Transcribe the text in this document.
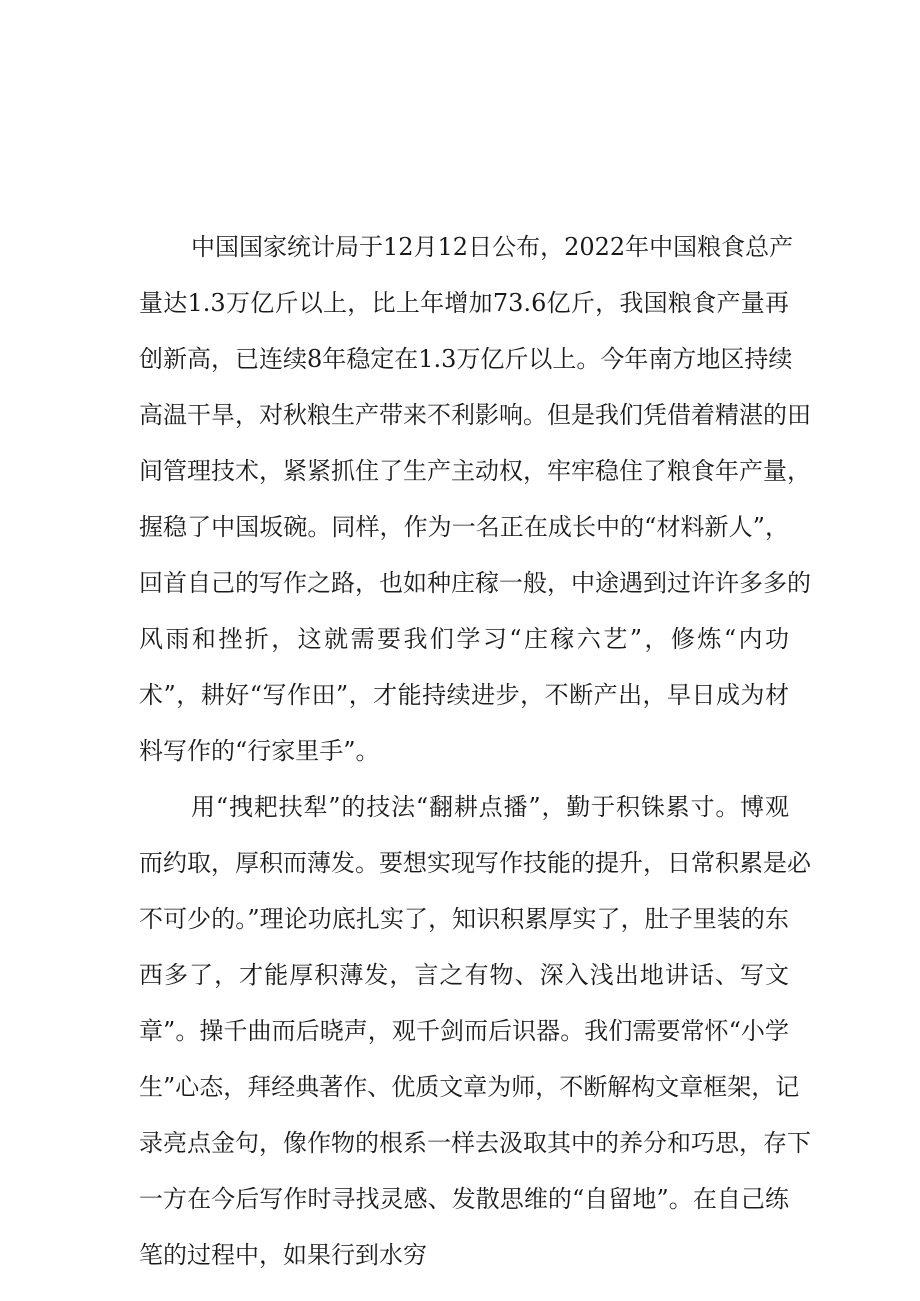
中国国家统计局于12月12日公布，2022年中国粮食总产
量达1.3万亿斤以上，比上年增加73.6亿斤，我国粮食产量再
创新高，已连续8年稳定在1.3万亿斤以上。今年南方地区持续
高温干旱，对秋粮生产带来不利影响。但是我们凭借着精湛的田
间管理技术，紧紧抓住了生产主动权，牢牢稳住了粮食年产量，
握稳了中国坂碗。同样，作为一名正在成长中的“材料新人”，
回首自己的写作之路，也如种庄稼一般，中途遇到过许许多多的
风雨和挫折，这就需要我们学习“庄稼六艺”，修炼“内功
术”，耕好“写作田”，才能持续进步，不断产出，早日成为材
料写作的“行家里手”。
用“拽耙扶犁”的技法“翻耕点播”，勤于积铢累寸。博观
而约取，厚积而薄发。要想实现写作技能的提升，日常积累是必
不可少的。”理论功底扎实了，知识积累厚实了，肚子里装的东
西多了，才能厚积薄发，言之有物、深入浅出地讲话、写文
章”。操千曲而后晓声，观千剑而后识器。我们需要常怀“小学
生”心态，拜经典著作、优质文章为师，不断解构文章框架，记
录亮点金句，像作物的根系一样去汲取其中的养分和巧思，存下
一方在今后写作时寻找灵感、发散思维的“自留地”。在自己练
笔的过程中，如果行到水穷
